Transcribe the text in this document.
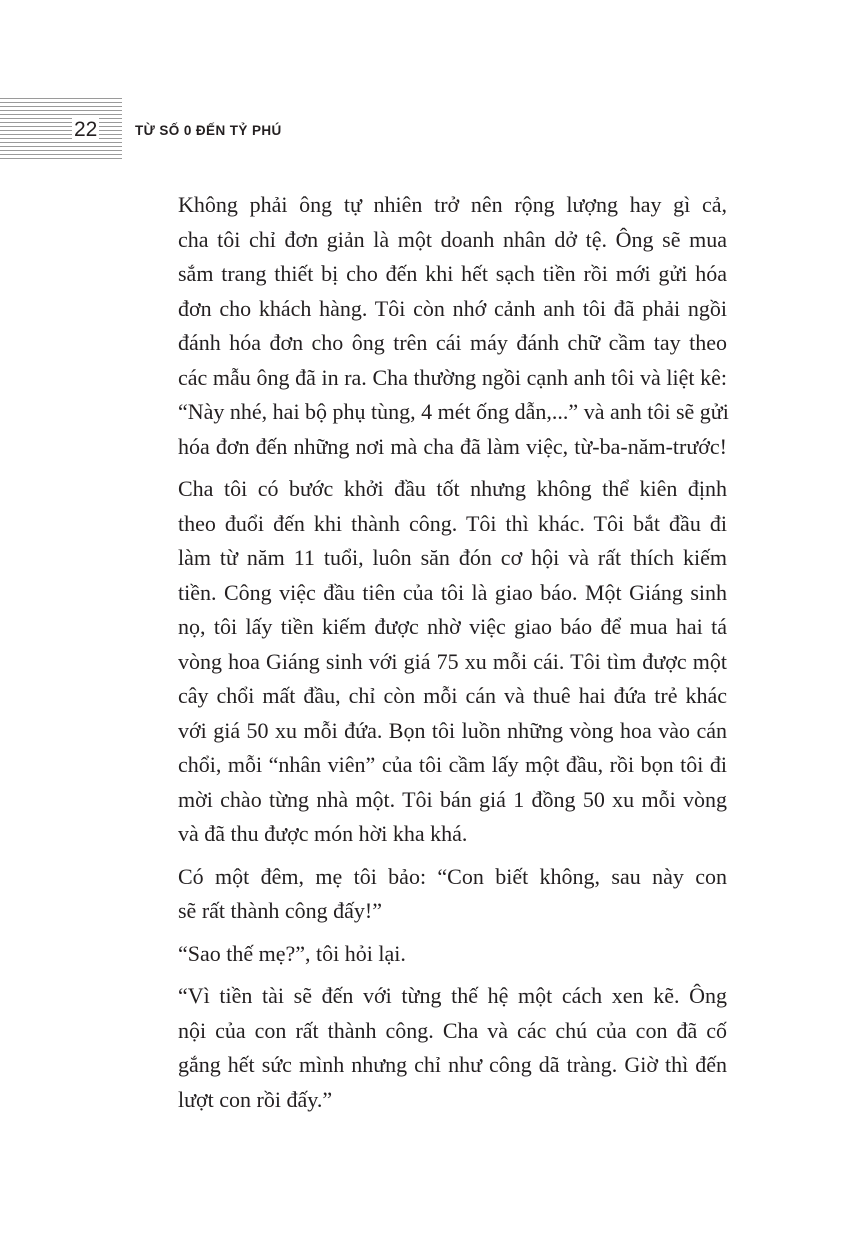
22	TỪ SỐ 0 ĐẾN TỶ PHÚ

Không phải ông tự nhiên trở nên rộng lượng hay gì cả,
cha tôi chỉ đơn giản là một doanh nhân dở tệ. Ông sẽ mua
sắm trang thiết bị cho đến khi hết sạch tiền rồi mới gửi hóa
đơn cho khách hàng. Tôi còn nhớ cảnh anh tôi đã phải ngồi
đánh hóa đơn cho ông trên cái máy đánh chữ cầm tay theo
các mẫu ông đã in ra. Cha thường ngồi cạnh anh tôi và liệt kê:
“Này nhé, hai bộ phụ tùng, 4 mét ống dẫn,...” và anh tôi sẽ gửi
hóa đơn đến những nơi mà cha đã làm việc, từ-ba-năm-trước!

Cha tôi có bước khởi đầu tốt nhưng không thể kiên định
theo đuổi đến khi thành công. Tôi thì khác. Tôi bắt đầu đi
làm từ năm 11 tuổi, luôn săn đón cơ hội và rất thích kiếm
tiền. Công việc đầu tiên của tôi là giao báo. Một Giáng sinh
nọ, tôi lấy tiền kiếm được nhờ việc giao báo để mua hai tá
vòng hoa Giáng sinh với giá 75 xu mỗi cái. Tôi tìm được một
cây chổi mất đầu, chỉ còn mỗi cán và thuê hai đứa trẻ khác
với giá 50 xu mỗi đứa. Bọn tôi luồn những vòng hoa vào cán
chổi, mỗi “nhân viên” của tôi cầm lấy một đầu, rồi bọn tôi đi
mời chào từng nhà một. Tôi bán giá 1 đồng 50 xu mỗi vòng
và đã thu được món hời kha khá.

Có một đêm, mẹ tôi bảo: “Con biết không, sau này con
sẽ rất thành công đấy!”

“Sao thế mẹ?”, tôi hỏi lại.

“Vì tiền tài sẽ đến với từng thế hệ một cách xen kẽ. Ông
nội của con rất thành công. Cha và các chú của con đã cố
gắng hết sức mình nhưng chỉ như công dã tràng. Giờ thì đến
lượt con rồi đấy.”
